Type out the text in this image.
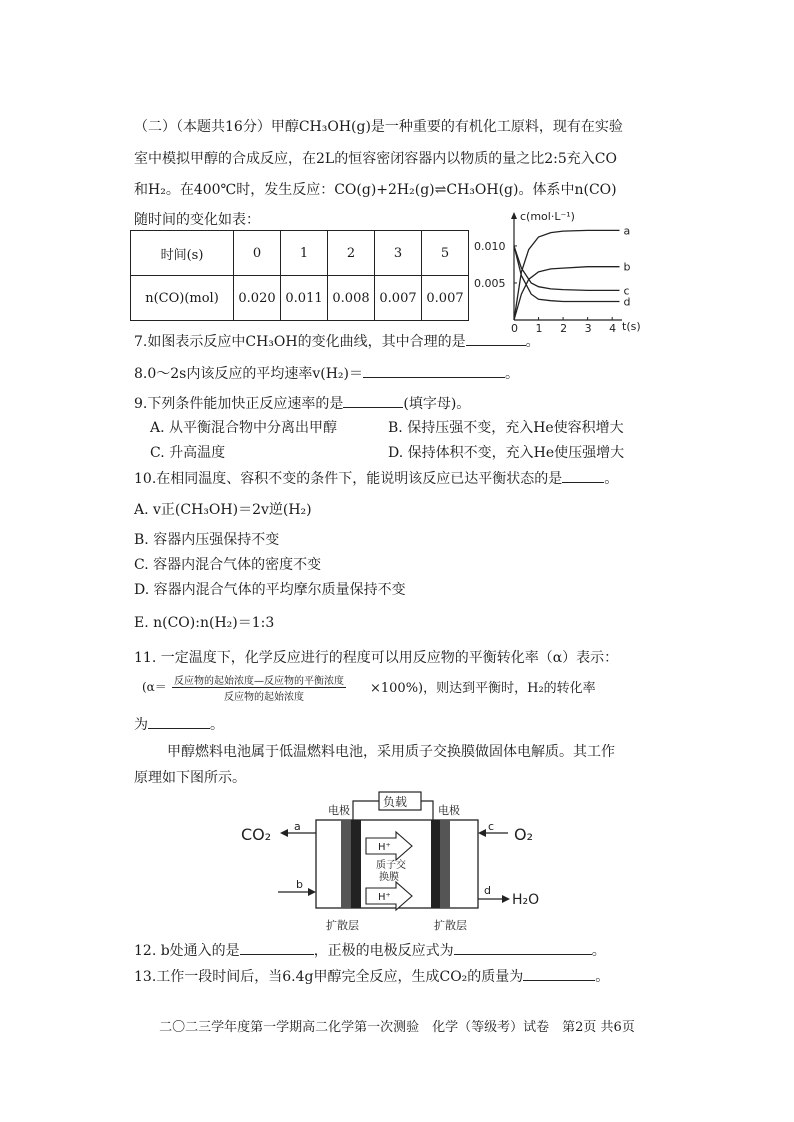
（二）（本题共16分）甲醇CH₃OH(g)是一种重要的有机化工原料，现有在实验
室中模拟甲醇的合成反应，在2L的恒容密闭容器内以物质的量之比2:5充入CO
和H₂。在400℃时，发生反应：CO(g)+2H₂(g)⇌CH₃OH(g)。体系中n(CO)
随时间的变化如表：
时间(s)	0	1	2	3	5
n(CO)(mol)	0.020	0.011	0.008	0.007	0.007
c(mol·L⁻¹)
t(s)
0 1 2 3 4
0.010
0.005
a
b
c
d
7.如图表示反应中CH₃OH的变化曲线，其中合理的是	。
8.0～2s内该反应的平均速率v(H₂)＝	。
9.下列条件能加快正反应速率的是	(填字母)。
A. 从平衡混合物中分离出甲醇	B. 保持压强不变，充入He使容积增大
C. 升高温度	D. 保持体积不变，充入He使压强增大
10.在相同温度、容积不变的条件下，能说明该反应已达平衡状态的是	。
A. v正(CH₃OH)＝2v逆(H₂)
B. 容器内压强保持不变
C. 容器内混合气体的密度不变
D. 容器内混合气体的平均摩尔质量保持不变
E. n(CO):n(H₂)＝1:3
11. 一定温度下，化学反应进行的程度可以用反应物的平衡转化率（α）表示：
(α＝ 反应物的起始浓度—反应物的平衡浓度
反应物的起始浓度
×100%)，则达到平衡时，H₂的转化率
为	。
甲醇燃料电池属于低温燃料电池，采用质子交换膜做固体电解质。其工作
原理如下图所示。
负载
电极	电极
H⁺
H⁺
质子交
换膜
a
CO₂
b
c O₂
d
H₂O
扩散层	扩散层
12. b处通入的是	，正极的电极反应式为	。
13.工作一段时间后，当6.4g甲醇完全反应，生成CO₂的质量为	。
二〇二三学年度第一学期高二化学第一次测验　化学（等级考）试卷　第2页 共6页
